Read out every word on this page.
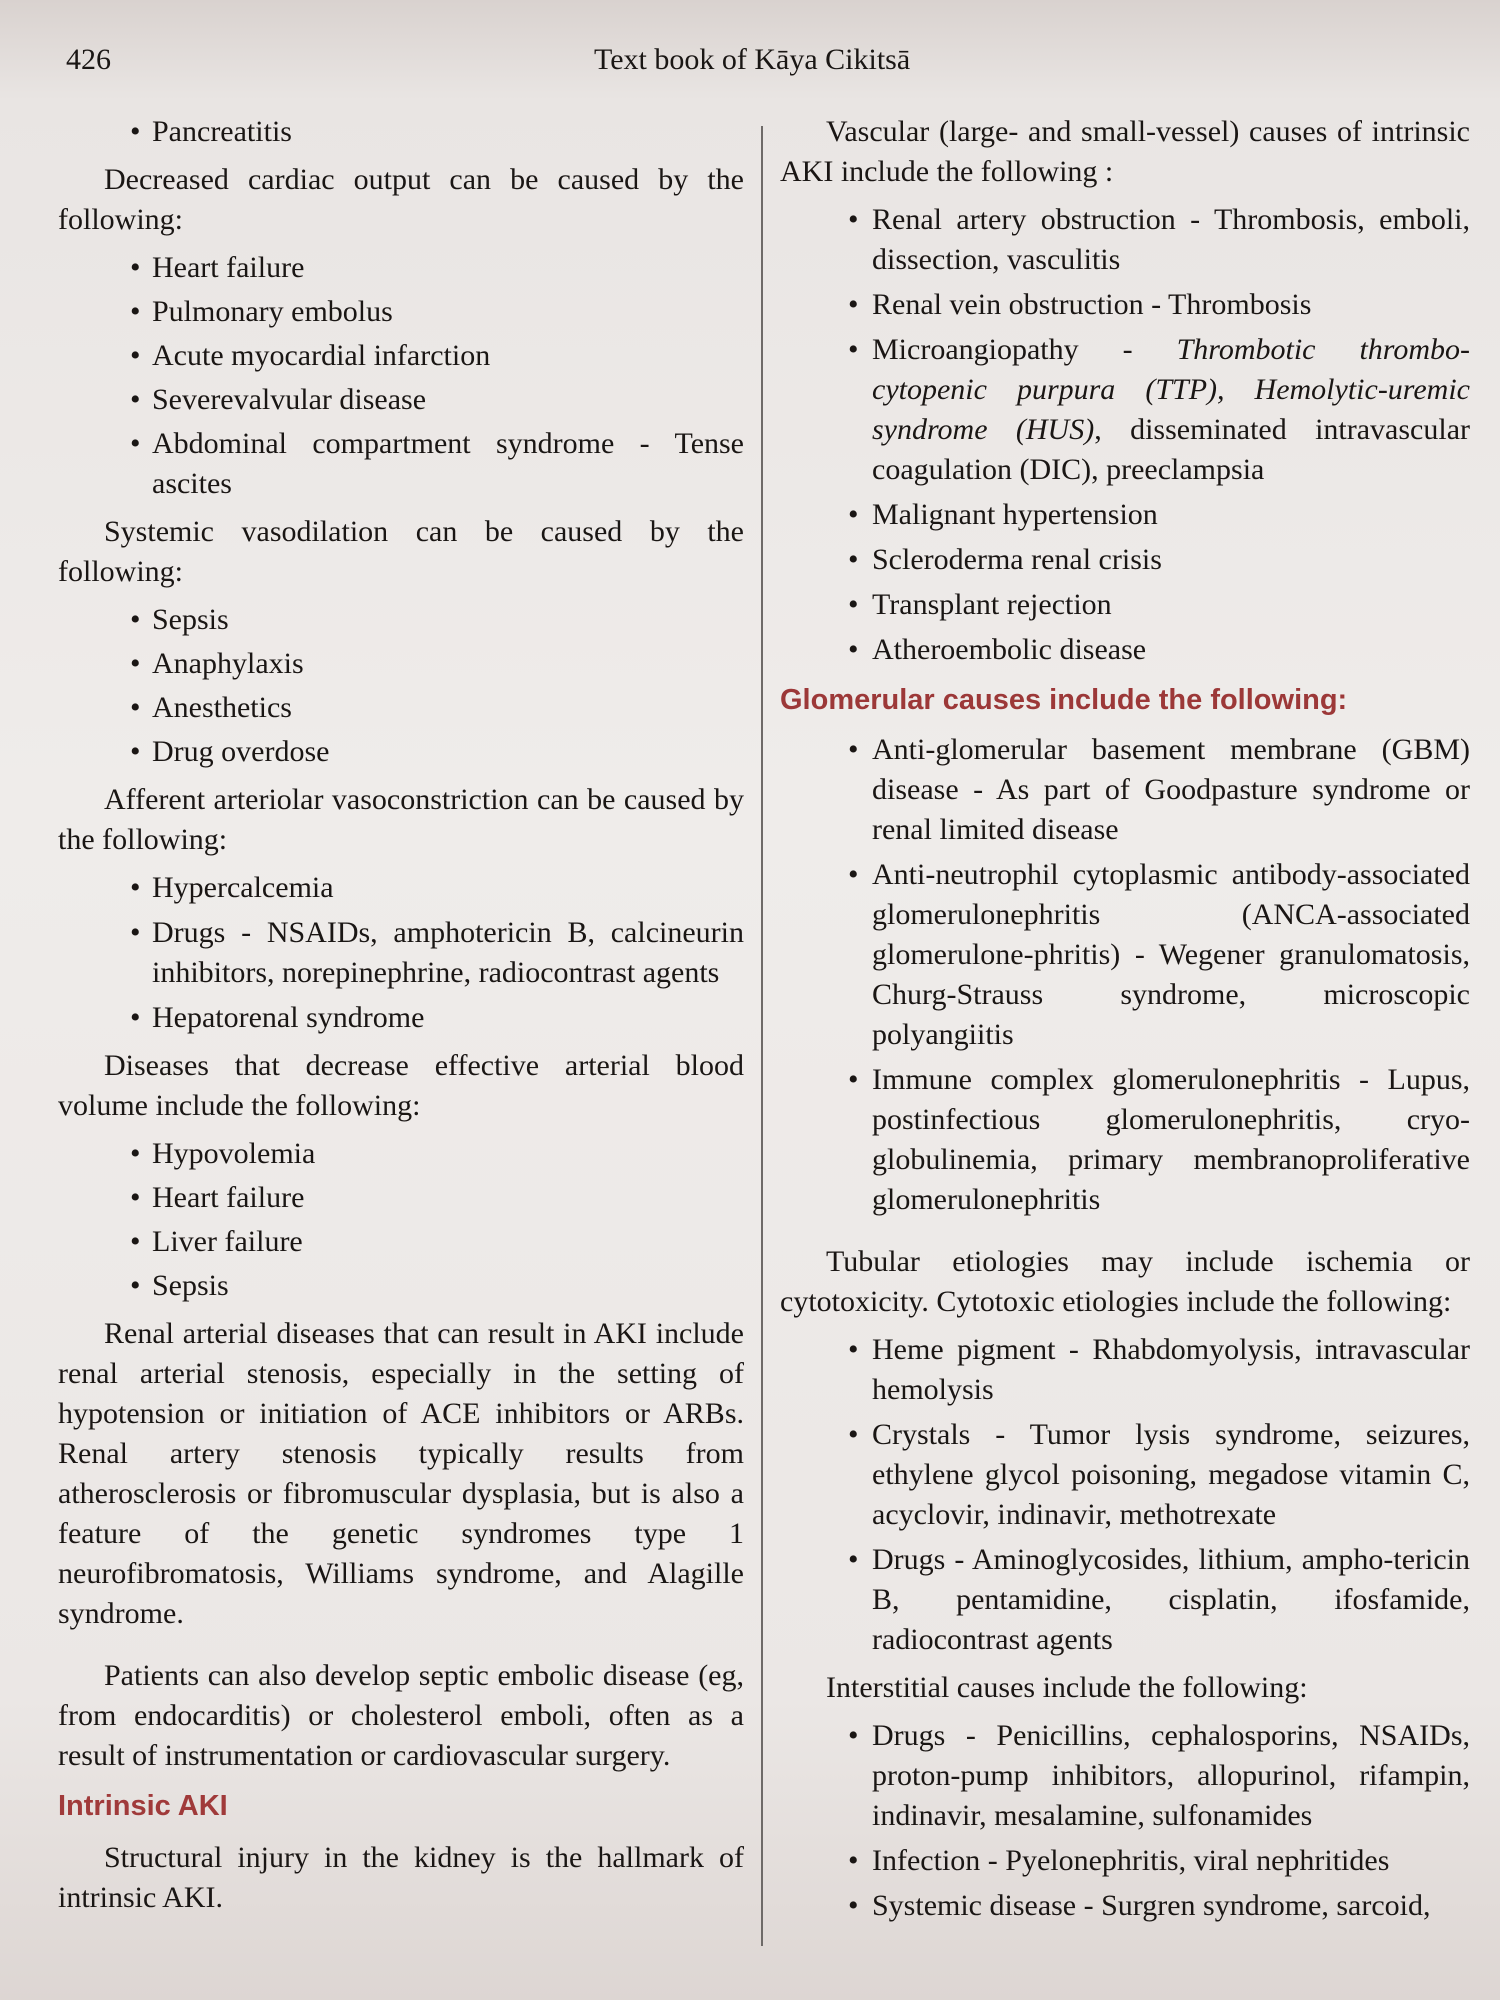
426	Text book of Kāya Cikitsā
• Pancreatitis

Decreased cardiac output can be caused by the following:

• Heart failure
• Pulmonary embolus
• Acute myocardial infarction
• Severevalvular disease
• Abdominal compartment syndrome - Tense ascites

Systemic vasodilation can be caused by the following:

• Sepsis
• Anaphylaxis
• Anesthetics
• Drug overdose

Afferent arteriolar vasoconstriction can be caused by the following:

• Hypercalcemia
• Drugs - NSAIDs, amphotericin B, calcineurin inhibitors, norepinephrine, radiocontrast agents
• Hepatorenal syndrome

Diseases that decrease effective arterial blood volume include the following:

• Hypovolemia
• Heart failure
• Liver failure
• Sepsis

Renal arterial diseases that can result in AKI include renal arterial stenosis, especially in the setting of hypotension or initiation of ACE inhibitors or ARBs. Renal artery stenosis typically results from atherosclerosis or fibromuscular dysplasia, but is also a feature of the genetic syndromes type 1 neurofibromatosis, Williams syndrome, and Alagille syndrome.

Patients can also develop septic embolic disease (eg, from endocarditis) or cholesterol emboli, often as a result of instrumentation or cardiovascular surgery.

Intrinsic AKI

Structural injury in the kidney is the hallmark of intrinsic AKI.

Vascular (large- and small-vessel) causes of intrinsic AKI include the following :

• Renal artery obstruction - Thrombosis, emboli, dissection, vasculitis
• Renal vein obstruction - Thrombosis
• Microangiopathy - Thrombotic thrombo-cytopenic purpura (TTP), Hemolytic-uremic syndrome (HUS), disseminated intravascular coagulation (DIC), preeclampsia
• Malignant hypertension
• Scleroderma renal crisis
• Transplant rejection
• Atheroembolic disease
Glomerular causes include the following:
• Anti-glomerular basement membrane (GBM) disease - As part of Goodpasture syndrome or renal limited disease
• Anti-neutrophil cytoplasmic antibody-associated glomerulonephritis (ANCA-associated glomerulone-phritis) - Wegener granulomatosis, Churg-Strauss syndrome, microscopic polyangiitis
• Immune complex glomerulonephritis - Lupus, postinfectious glomerulonephritis, cryo-globulinemia, primary membranoproliferative glomerulonephritis

Tubular etiologies may include ischemia or cytotoxicity. Cytotoxic etiologies include the following:

• Heme pigment - Rhabdomyolysis, intravascular hemolysis
• Crystals - Tumor lysis syndrome, seizures, ethylene glycol poisoning, megadose vitamin C, acyclovir, indinavir, methotrexate
• Drugs - Aminoglycosides, lithium, ampho-tericin B, pentamidine, cisplatin, ifosfamide, radiocontrast agents

Interstitial causes include the following:

• Drugs - Penicillins, cephalosporins, NSAIDs, proton-pump inhibitors, allopurinol, rifampin, indinavir, mesalamine, sulfonamides
• Infection - Pyelonephritis, viral nephritides
• Systemic disease - Surgren syndrome, sarcoid,
